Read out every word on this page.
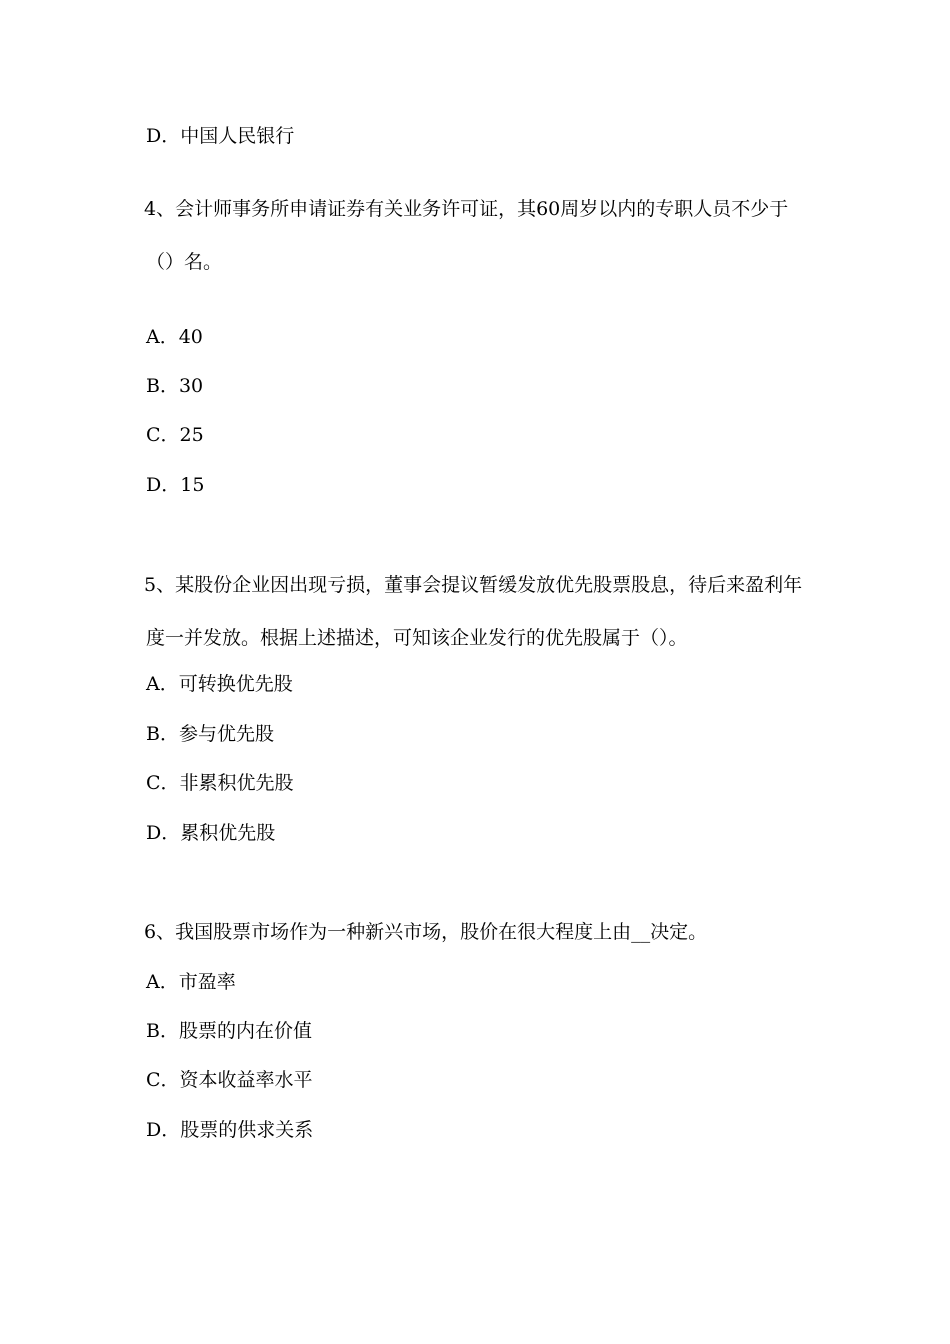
D．中国人民银行
4、会计师事务所申请证券有关业务许可证，其60周岁以内的专职人员不少于
（）名。
A．40
B．30
C．25
D．15
5、某股份企业因出现亏损，董事会提议暂缓发放优先股票股息，待后来盈利年
度一并发放。根据上述描述，可知该企业发行的优先股属于（）。
A．可转换优先股
B．参与优先股
C．非累积优先股
D．累积优先股
6、我国股票市场作为一种新兴市场，股价在很大程度上由__决定。
A．市盈率
B．股票的内在价值
C．资本收益率水平
D．股票的供求关系
